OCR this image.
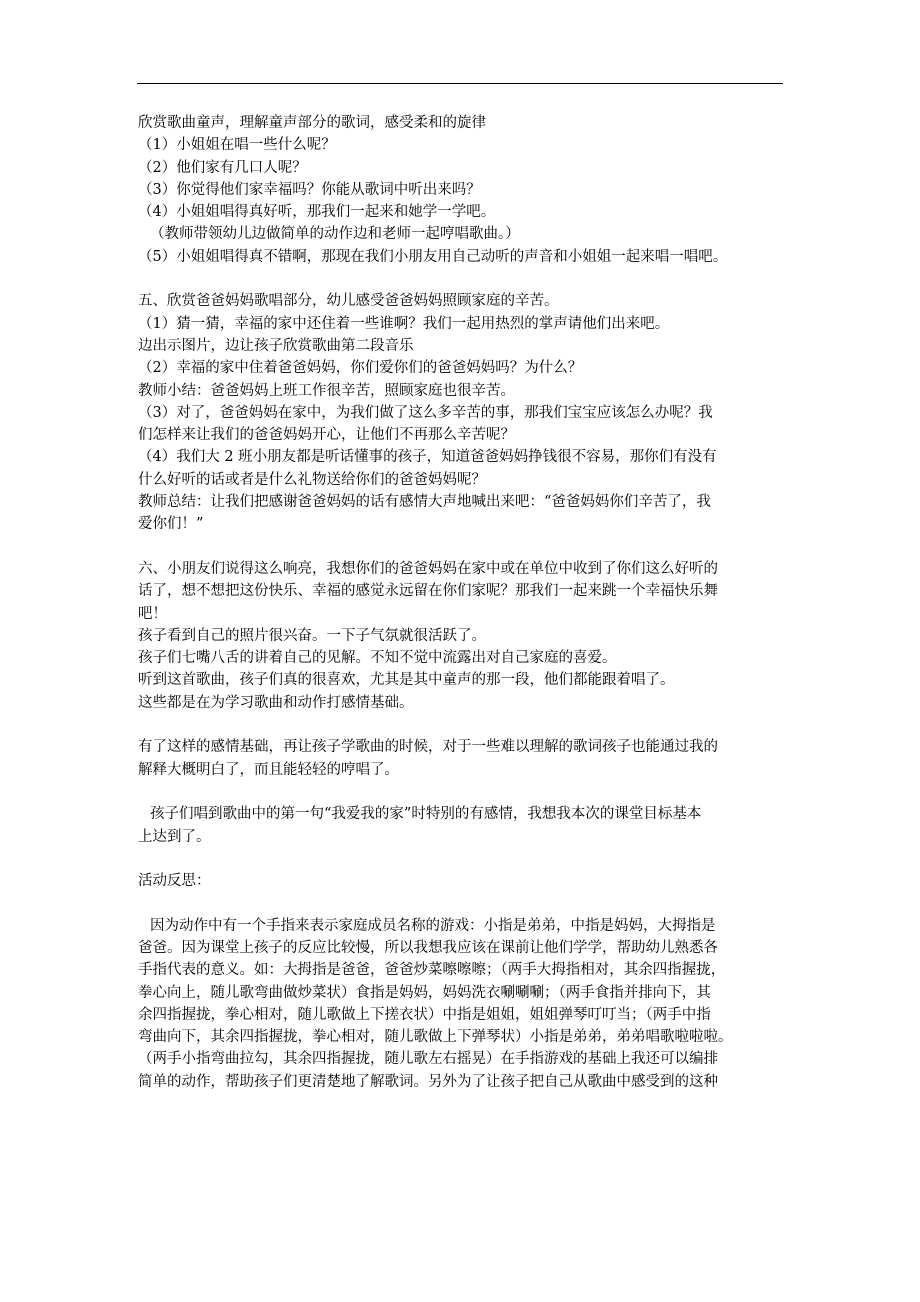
欣赏歌曲童声，理解童声部分的歌词，感受柔和的旋律
（1）小姐姐在唱一些什么呢？
（2）他们家有几口人呢？
（3）你觉得他们家幸福吗？你能从歌词中听出来吗？
（4）小姐姐唱得真好听，那我们一起来和她学一学吧。
（教师带领幼儿边做简单的动作边和老师一起哼唱歌曲。）
（5）小姐姐唱得真不错啊，那现在我们小朋友用自己动听的声音和小姐姐一起来唱一唱吧。
五、欣赏爸爸妈妈歌唱部分，幼儿感受爸爸妈妈照顾家庭的辛苦。
（1）猜一猜，幸福的家中还住着一些谁啊？我们一起用热烈的掌声请他们出来吧。
边出示图片，边让孩子欣赏歌曲第二段音乐
（2）幸福的家中住着爸爸妈妈，你们爱你们的爸爸妈妈吗？为什么？
教师小结：爸爸妈妈上班工作很辛苦，照顾家庭也很辛苦。
（3）对了，爸爸妈妈在家中，为我们做了这么多辛苦的事，那我们宝宝应该怎么办呢？我
们怎样来让我们的爸爸妈妈开心，让他们不再那么辛苦呢？
（4）我们大 2 班小朋友都是听话懂事的孩子，知道爸爸妈妈挣钱很不容易，那你们有没有
什么好听的话或者是什么礼物送给你们的爸爸妈妈呢？
教师总结：让我们把感谢爸爸妈妈的话有感情大声地喊出来吧：“爸爸妈妈你们辛苦了，我
爱你们！”
六、小朋友们说得这么响亮，我想你们的爸爸妈妈在家中或在单位中收到了你们这么好听的
话了，想不想把这份快乐、幸福的感觉永远留在你们家呢？那我们一起来跳一个幸福快乐舞
吧！
孩子看到自己的照片很兴奋。一下子气氛就很活跃了。
孩子们七嘴八舌的讲着自己的见解。不知不觉中流露出对自己家庭的喜爱。
听到这首歌曲，孩子们真的很喜欢，尤其是其中童声的那一段，他们都能跟着唱了。
这些都是在为学习歌曲和动作打感情基础。
有了这样的感情基础，再让孩子学歌曲的时候，对于一些难以理解的歌词孩子也能通过我的
解释大概明白了，而且能轻轻的哼唱了。
孩子们唱到歌曲中的第一句“我爱我的家”时特别的有感情，我想我本次的课堂目标基本
上达到了。
活动反思：
因为动作中有一个手指来表示家庭成员名称的游戏：小指是弟弟，中指是妈妈，大拇指是
爸爸。因为课堂上孩子的反应比较慢，所以我想我应该在课前让他们学学，帮助幼儿熟悉各
手指代表的意义。如：大拇指是爸爸，爸爸炒菜嚓嚓嚓；（两手大拇指相对，其余四指握拢，
拳心向上，随儿歌弯曲做炒菜状）食指是妈妈，妈妈洗衣唰唰唰；（两手食指并排向下，其
余四指握拢，拳心相对，随儿歌做上下搓衣状）中指是姐姐，姐姐弹琴叮叮当；（两手中指
弯曲向下，其余四指握拢，拳心相对，随儿歌做上下弹琴状）小指是弟弟，弟弟唱歌啦啦啦。
（两手小指弯曲拉勾，其余四指握拢，随儿歌左右摇晃）在手指游戏的基础上我还可以编排
简单的动作，帮助孩子们更清楚地了解歌词。另外为了让孩子把自己从歌曲中感受到的这种
